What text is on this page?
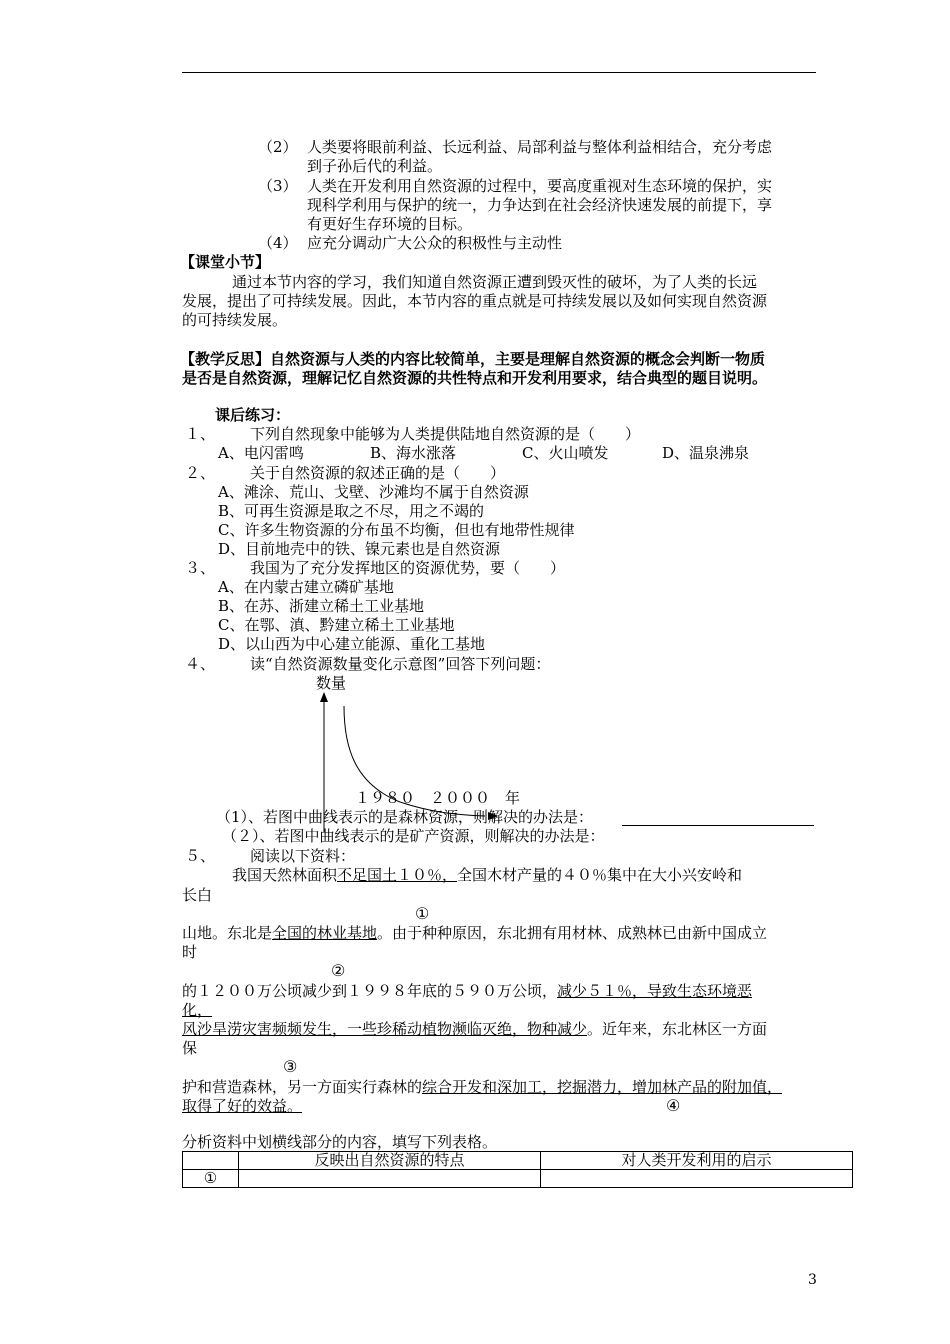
（2） 人类要将眼前利益、长远利益、局部利益与整体利益相结合，充分考虑
到子孙后代的利益。
（3） 人类在开发利用自然资源的过程中，要高度重视对生态环境的保护，实
现科学利用与保护的统一，力争达到在社会经济快速发展的前提下，享
有更好生存环境的目标。
（4） 应充分调动广大公众的积极性与主动性
【课堂小节】
通过本节内容的学习，我们知道自然资源正遭到毁灭性的破坏，为了人类的长远
发展，提出了可持续发展。因此，本节内容的重点就是可持续发展以及如何实现自然资源
的可持续发展。
【教学反思】自然资源与人类的内容比较简单，主要是理解自然资源的概念会判断一物质
是否是自然资源，理解记忆自然资源的共性特点和开发利用要求，结合典型的题目说明。
课后练习：
１、 下列自然现象中能够为人类提供陆地自然资源的是（　　）
A、电闪雷鸣	B、海水涨落	C、火山喷发	D、温泉沸泉
２、 关于自然资源的叙述正确的是（　　）
A、滩涂、荒山、戈壁、沙滩均不属于自然资源
B、可再生资源是取之不尽，用之不竭的
C、许多生物资源的分布虽不均衡，但也有地带性规律
D、目前地壳中的铁、镍元素也是自然资源
３、 我国为了充分发挥地区的资源优势，要（　　）
A、在内蒙古建立磷矿基地
B、在苏、浙建立稀土工业基地
C、在鄂、滇、黔建立稀土工业基地
D、以山西为中心建立能源、重化工基地
４、 读“自然资源数量变化示意图”回答下列问题：
数量
１９８０　２０００　年
（1）、若图中曲线表示的是森林资源，则解决的办法是：
（２）、若图中曲线表示的是矿产资源，则解决的办法是：
５、 阅读以下资料：
我国天然林面积不足国土１０％，全国木材产量的４０％集中在大小兴安岭和
长白
①
山地。东北是全国的林业基地。由于种种原因，东北拥有用材林、成熟林已由新中国成立
时
②
的１２００万公顷减少到１９９８年底的５９０万公顷，减少５１％，导致生态环境恶
化，
风沙旱涝灾害频频发生，一些珍稀动植物濒临灭绝，物种减少。近年来，东北林区一方面
保
③
护和营造森林，另一方面实行森林的综合开发和深加工，挖掘潜力，增加林产品的附加值，
取得了好的效益。	④
分析资料中划横线部分的内容，填写下列表格。
	反映出自然资源的特点	对人类开发利用的启示
①		
3
